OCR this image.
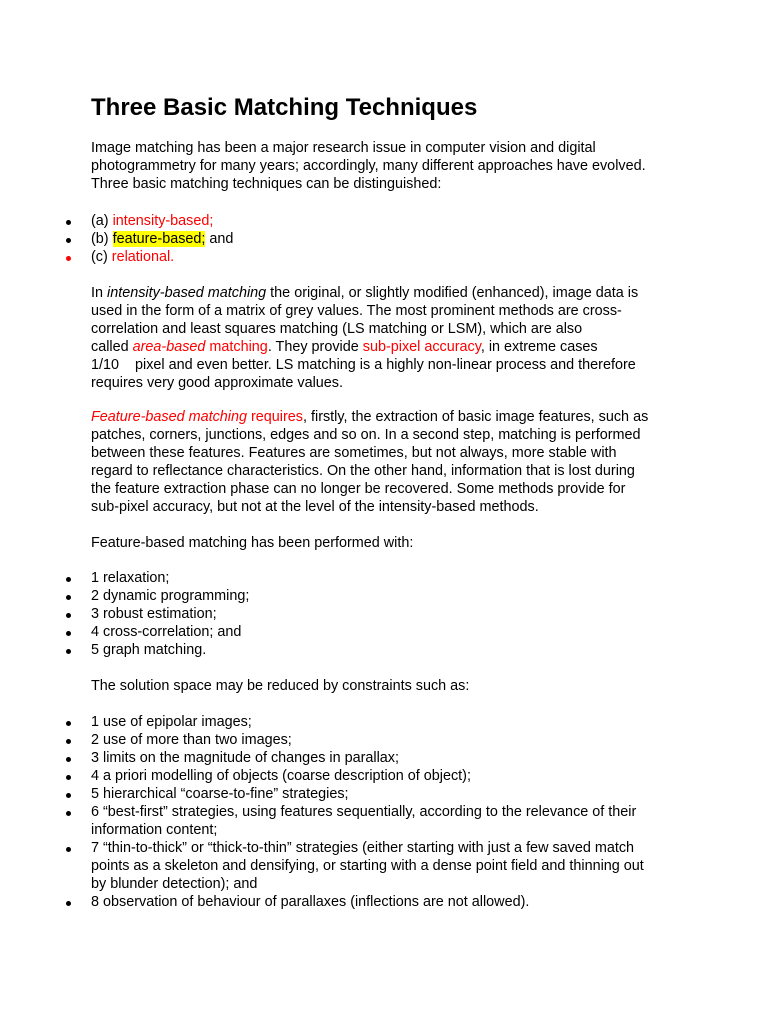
Three Basic Matching Techniques

Image matching has been a major research issue in computer vision and digital
photogrammetry for many years; accordingly, many different approaches have evolved.
Three basic matching techniques can be distinguished:

(a) intensity-based;
(b) feature-based; and
(c) relational.

In intensity-based matching the original, or slightly modified (enhanced), image data is
used in the form of a matrix of grey values. The most prominent methods are cross-
correlation and least squares matching (LS matching or LSM), which are also
called area-based matching. They provide sub-pixel accuracy, in extreme cases
1/10    pixel and even better. LS matching is a highly non-linear process and therefore
requires very good approximate values.

Feature-based matching requires, firstly, the extraction of basic image features, such as
patches, corners, junctions, edges and so on. In a second step, matching is performed
between these features. Features are sometimes, but not always, more stable with
regard to reflectance characteristics. On the other hand, information that is lost during
the feature extraction phase can no longer be recovered. Some methods provide for
sub-pixel accuracy, but not at the level of the intensity-based methods.

Feature-based matching has been performed with:

1 relaxation;
2 dynamic programming;
3 robust estimation;
4 cross-correlation; and
5 graph matching.

The solution space may be reduced by constraints such as:

1 use of epipolar images;
2 use of more than two images;
3 limits on the magnitude of changes in parallax;
4 a priori modelling of objects (coarse description of object);
5 hierarchical “coarse-to-fine” strategies;
6 “best-first” strategies, using features sequentially, according to the relevance of their
information content;
7 “thin-to-thick” or “thick-to-thin” strategies (either starting with just a few saved match
points as a skeleton and densifying, or starting with a dense point field and thinning out
by blunder detection); and
8 observation of behaviour of parallaxes (inflections are not allowed).
